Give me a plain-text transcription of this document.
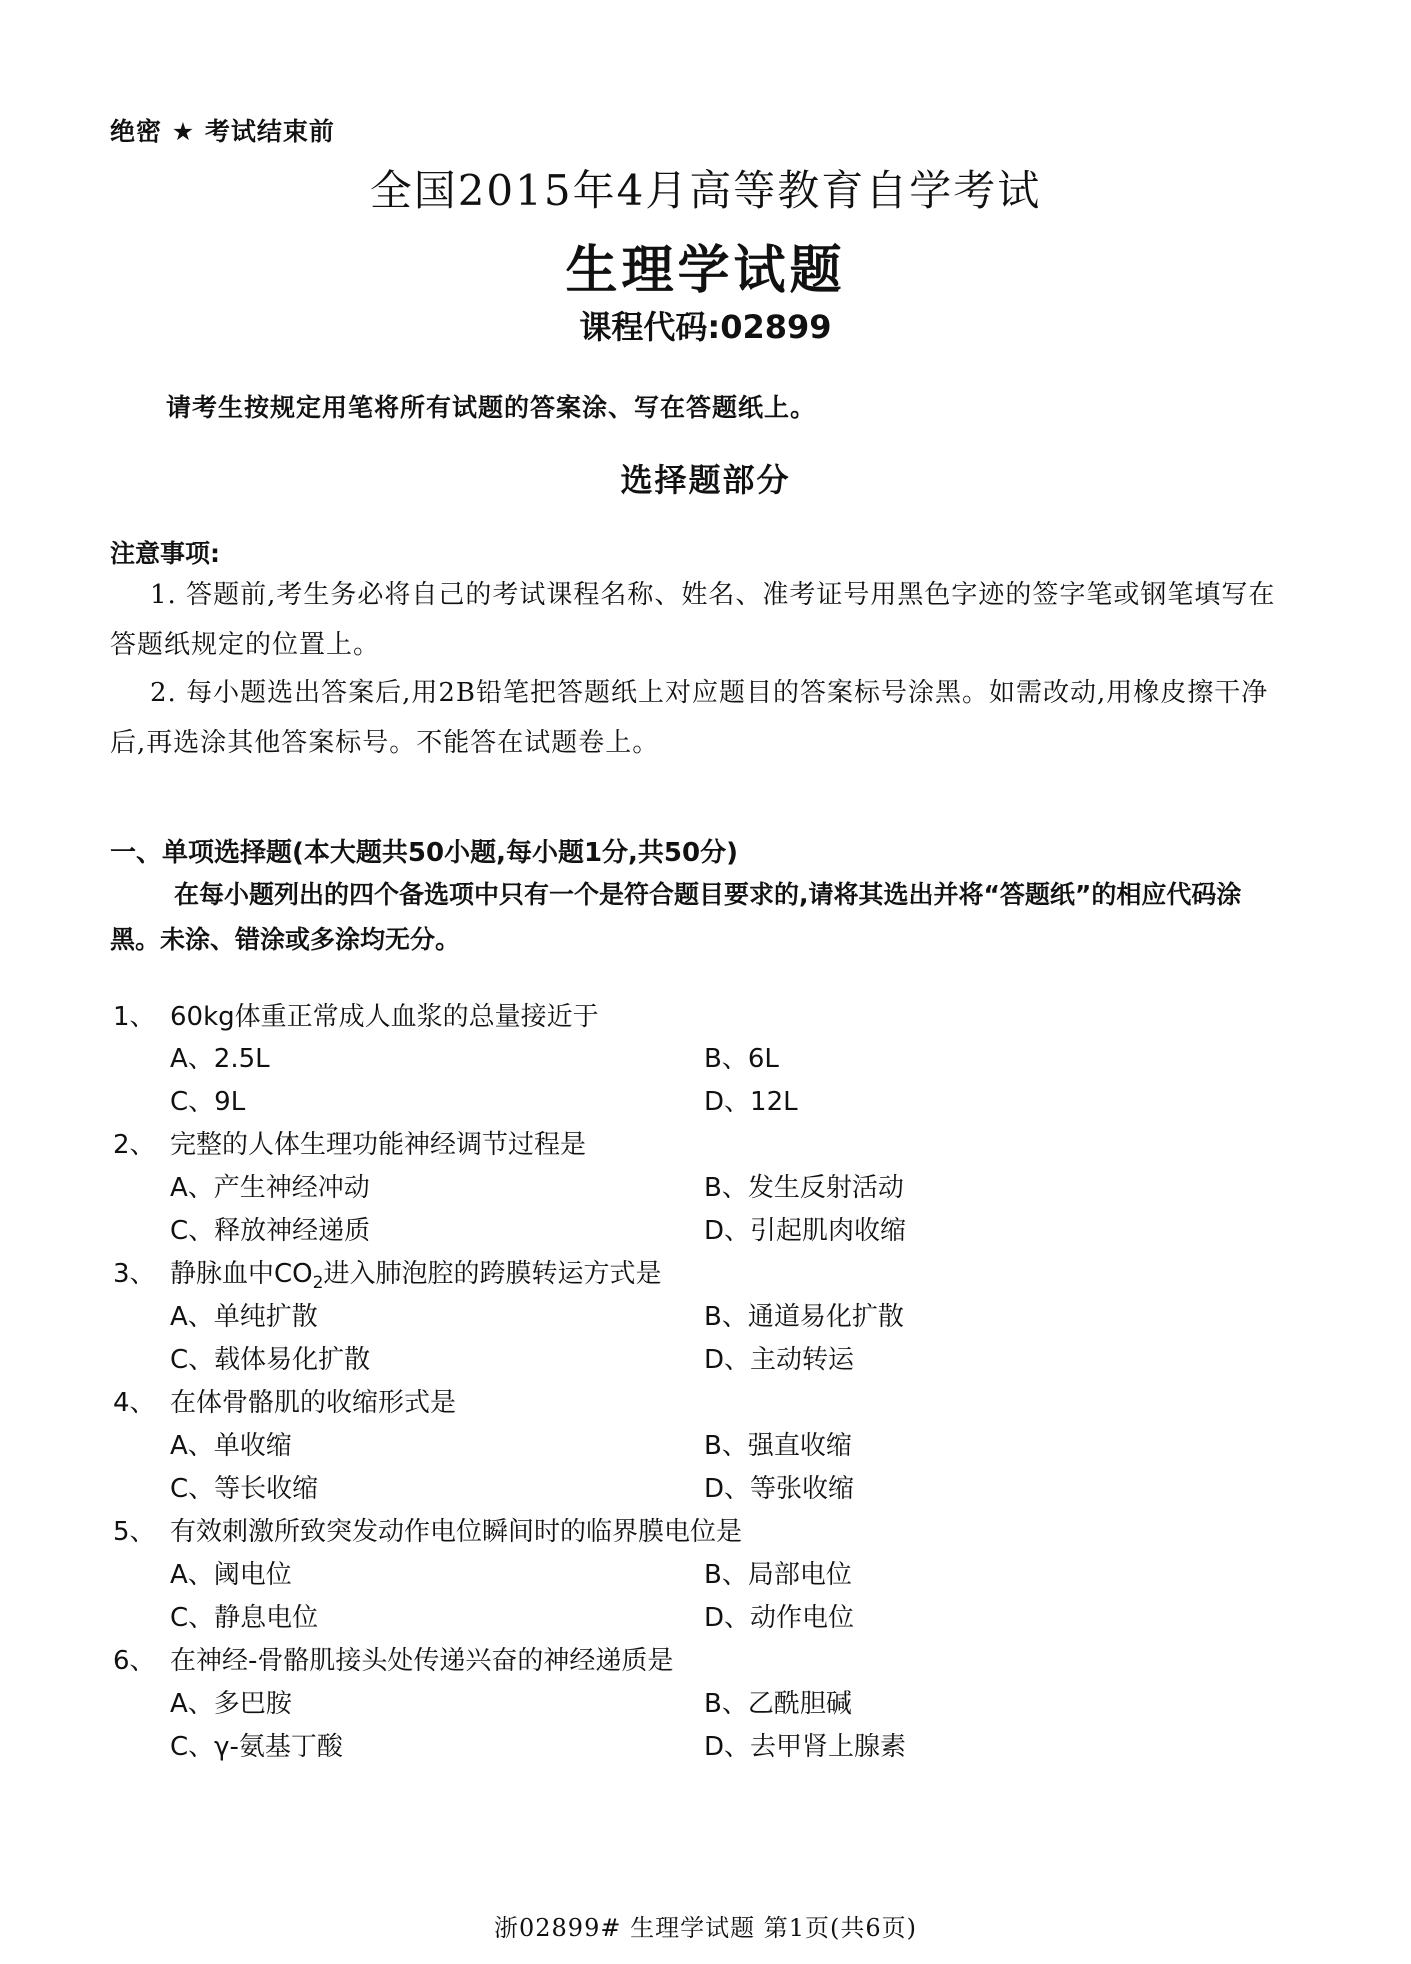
绝密 ★ 考试结束前
全国2015年4月高等教育自学考试
生理学试题
课程代码:02899
请考生按规定用笔将所有试题的答案涂、写在答题纸上。
选择题部分
注意事项:
1. 答题前,考生务必将自己的考试课程名称、姓名、准考证号用黑色字迹的签字笔或钢笔填写在答题纸规定的位置上。
2. 每小题选出答案后,用2B铅笔把答题纸上对应题目的答案标号涂黑。如需改动,用橡皮擦干净后,再选涂其他答案标号。不能答在试题卷上。
一、单项选择题(本大题共50小题,每小题1分,共50分)
在每小题列出的四个备选项中只有一个是符合题目要求的,请将其选出并将“答题纸”的相应代码涂黑。未涂、错涂或多涂均无分。
1、 60kg体重正常成人血浆的总量接近于
A、2.5L	B、6L
C、9L	D、12L
2、 完整的人体生理功能神经调节过程是
A、产生神经冲动	B、发生反射活动
C、释放神经递质	D、引起肌肉收缩
3、 静脉血中$CO_2$进入肺泡腔的跨膜转运方式是
A、单纯扩散	B、通道易化扩散
C、载体易化扩散	D、主动转运
4、 在体骨骼肌的收缩形式是
A、单收缩	B、强直收缩
C、等长收缩	D、等张收缩
5、 有效刺激所致突发动作电位瞬间时的临界膜电位是
A、阈电位	B、局部电位
C、静息电位	D、动作电位
6、 在神经-骨骼肌接头处传递兴奋的神经递质是
A、多巴胺	B、乙酰胆碱
C、γ-氨基丁酸	D、去甲肾上腺素
浙02899# 生理学试题 第1页(共6页)
